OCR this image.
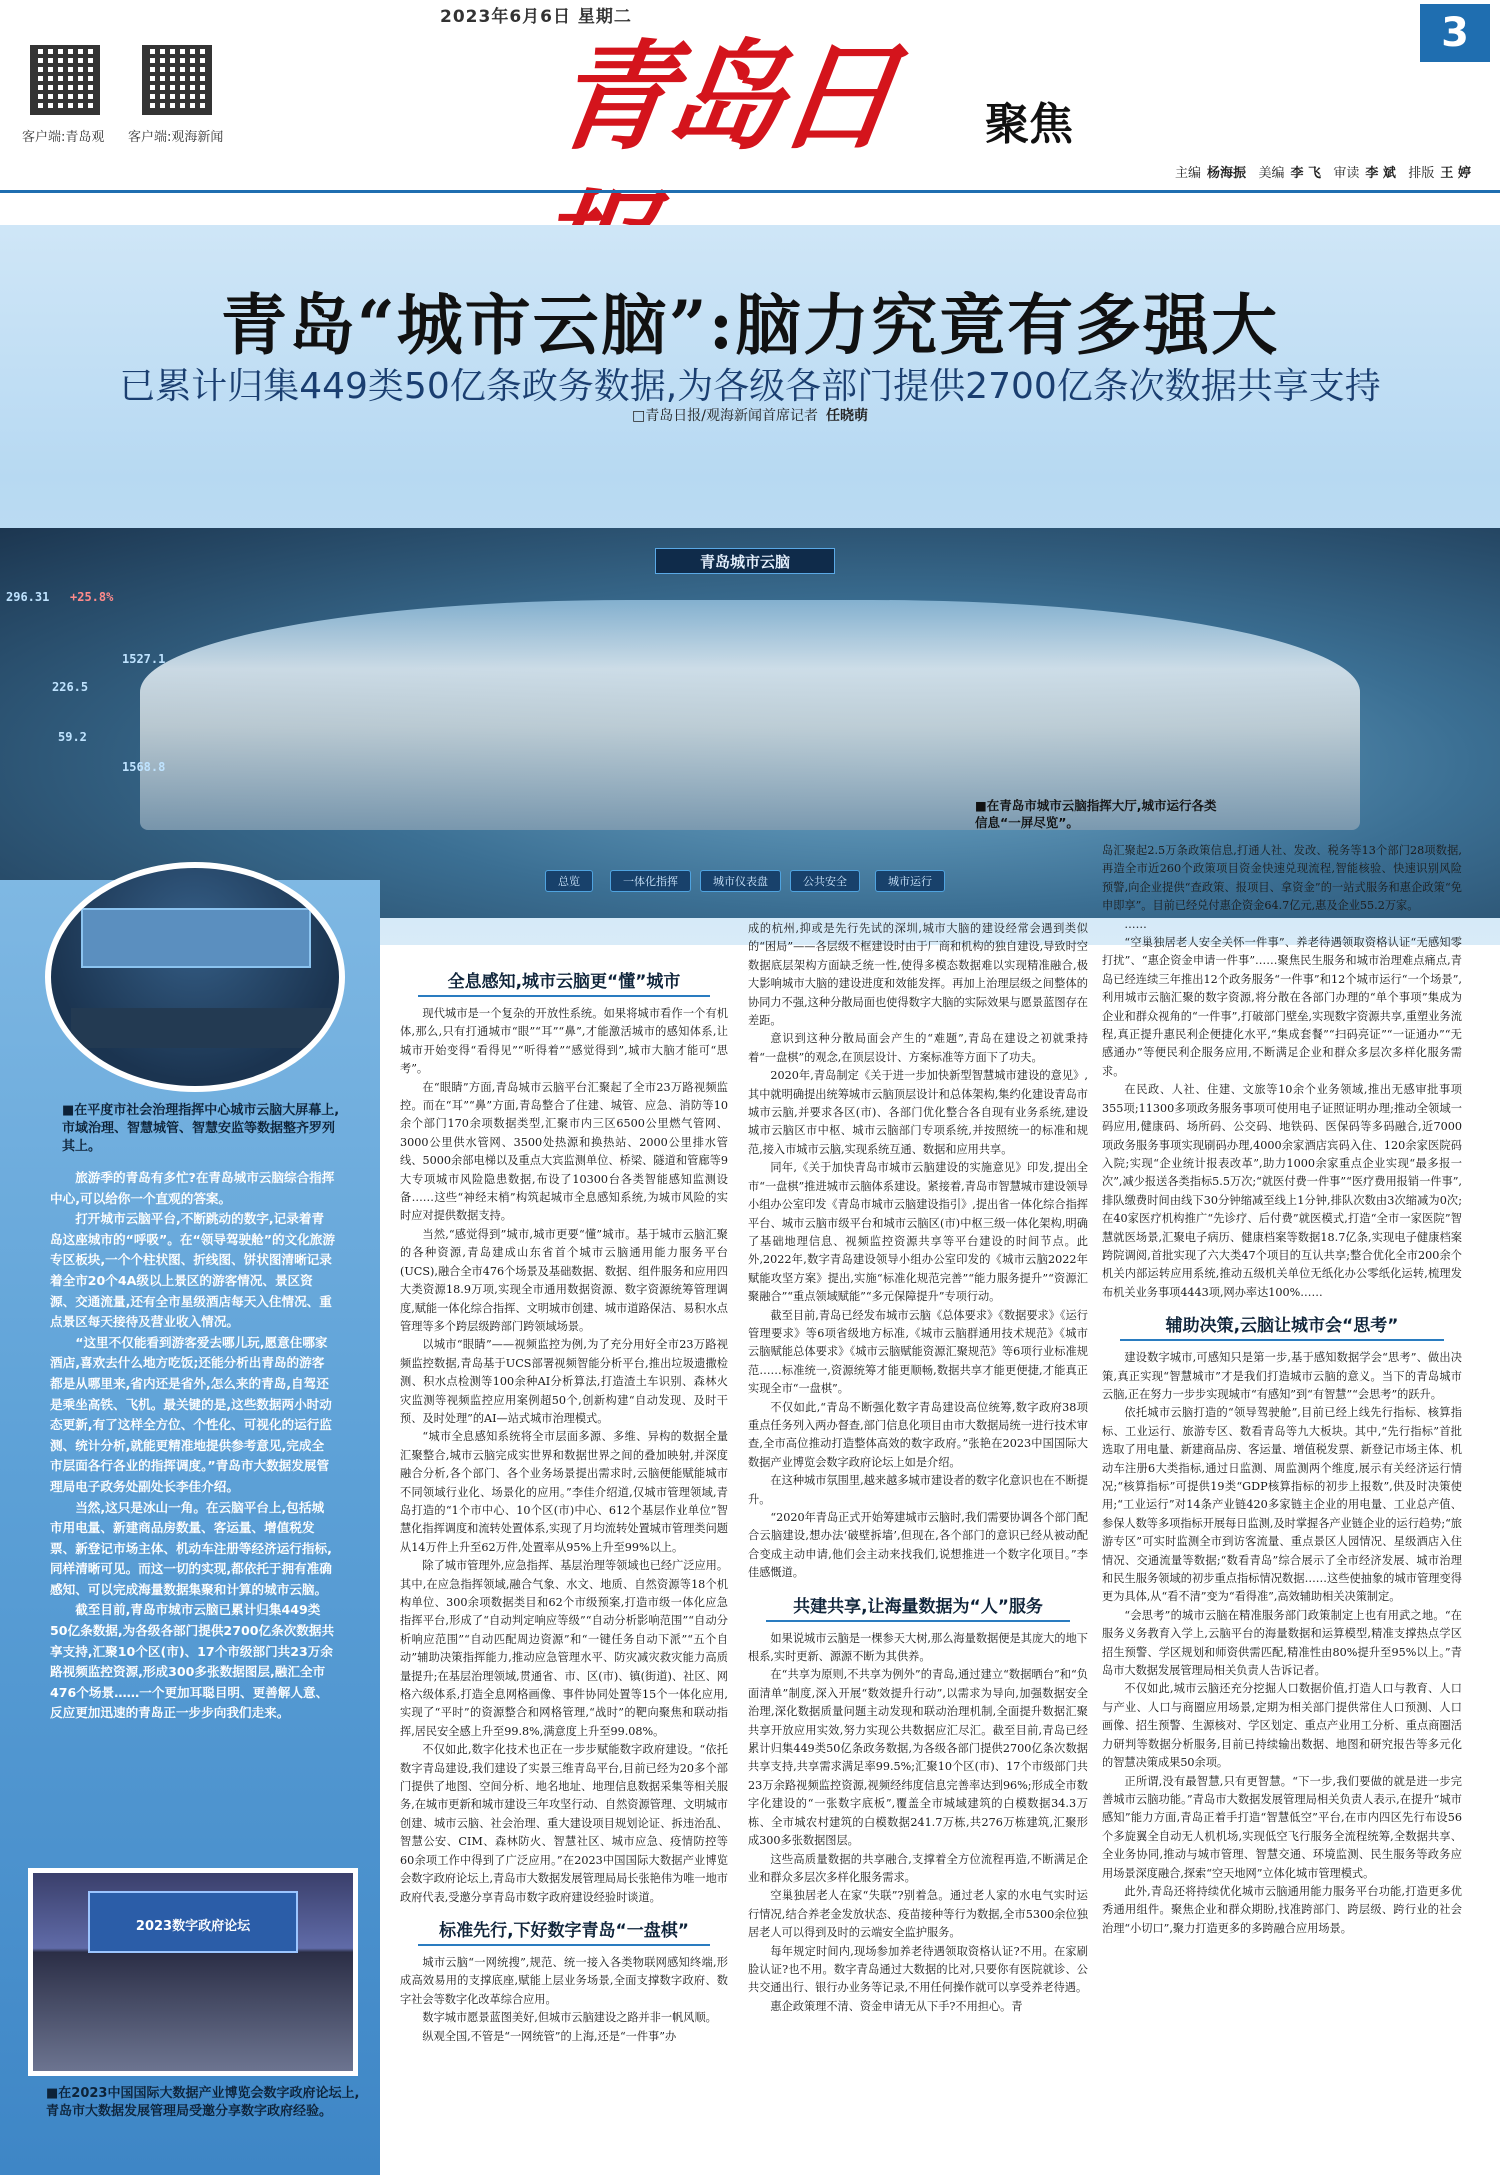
2023年6月6日 星期二
客户端:青岛观 客户端:观海新闻	青岛日报
聚焦
3
主编 杨海振 美编 李 飞 审读 李 斌 排版 王 婷
青岛“城市云脑”:脑力究竟有多强大
已累计归集449类50亿条政务数据,为各级各部门提供2700亿条次数据共享支持
□青岛日报/观海新闻首席记者 任晓萌
青岛城市云脑
296.31 +25.8%
1527.1
226.5
59.2
1568.8
总览	一体化指挥	城市仪表盘	公共安全	城市运行
■在青岛市城市云脑指挥大厅,城市运行各类信息“一屏尽览”。
■在平度市社会治理指挥中心城市云脑大屏幕上,市域治理、智慧城管、智慧安监等数据整齐罗列其上。

旅游季的青岛有多忙?在青岛城市云脑综合指挥中心,可以给你一个直观的答案。

打开城市云脑平台,不断跳动的数字,记录着青岛这座城市的“呼吸”。在“领导驾驶舱”的文化旅游专区板块,一个个柱状图、折线图、饼状图清晰记录着全市20个4A级以上景区的游客情况、景区资源、交通流量,还有全市星级酒店每天入住情况、重点景区每天接待及营业收入情况。

“这里不仅能看到游客爱去哪儿玩,愿意住哪家酒店,喜欢去什么地方吃饭;还能分析出青岛的游客都是从哪里来,省内还是省外,怎么来的青岛,自驾还是乘坐高铁、飞机。最关键的是,这些数据两小时动态更新,有了这样全方位、个性化、可视化的运行监测、统计分析,就能更精准地提供参考意见,完成全市层面各行各业的指挥调度。”青岛市大数据发展管理局电子政务处副处长李佳介绍。

当然,这只是冰山一角。在云脑平台上,包括城市用电量、新建商品房数量、客运量、增值税发票、新登记市场主体、机动车注册等经济运行指标,同样清晰可见。而这一切的实现,都依托于拥有准确感知、可以完成海量数据集聚和计算的城市云脑。

截至目前,青岛市城市云脑已累计归集449类50亿条数据,为各级各部门提供2700亿条次数据共享支持,汇聚10个区(市)、17个市级部门共23万余路视频监控资源,形成300多张数据图层,融汇全市476个场景……一个更加耳聪目明、更善解人意、反应更加迅速的青岛正一步步向我们走来。

2023数字政府论坛
■在2023中国国际大数据产业博览会数字政府论坛上,青岛市大数据发展管理局受邀分享数字政府经验。
全息感知,城市云脑更“懂”城市

现代城市是一个复杂的开放性系统。如果将城市看作一个有机体,那么,只有打通城市“眼”“耳”“鼻”,才能激活城市的感知体系,让城市开始变得“看得见”“听得着”“感觉得到”,城市大脑才能可“思考”。

在“眼睛”方面,青岛城市云脑平台汇聚起了全市23万路视频监控。而在“耳”“鼻”方面,青岛整合了住建、城管、应急、消防等10余个部门170余项数据类型,汇聚市内三区6500公里燃气管网、3000公里供水管网、3500处热源和换热站、2000公里排水管线、5000余部电梯以及重点大宾监测单位、桥梁、隧道和管廊等9大专项城市风险隐患数据,布设了10300台各类智能感知监测设备……这些“神经末梢”构筑起城市全息感知系统,为城市风险的实时应对提供数据支持。

当然,“感觉得到”城市,城市更要“懂”城市。基于城市云脑汇聚的各种资源,青岛建成山东省首个城市云脑通用能力服务平台(UCS),融合全市476个场景及基础数据、数据、组件服务和应用四大类资源18.9万项,实现全市通用数据资源、数字资源统筹管理调度,赋能一体化综合指挥、文明城市创建、城市道路保洁、易积水点管理等多个跨层级跨部门跨领域场景。

以城市“眼睛”——视频监控为例,为了充分用好全市23万路视频监控数据,青岛基于UCS部署视频智能分析平台,推出垃圾遗撒检测、积水点检测等100余种AI分析算法,打造渣土车识别、森林火灾监测等视频监控应用案例超50个,创新构建“自动发现、及时干预、及时处理”的AI—站式城市治理模式。

“城市全息感知系统将全市层面多源、多维、异构的数据全量汇聚整合,城市云脑完成实世界和数据世界之间的叠加映射,并深度融合分析,各个部门、各个业务场景提出需求时,云脑便能赋能城市不同领域行业化、场景化的应用。”李佳介绍道,仅城市管理领域,青岛打造的“1个市中心、10个区(市)中心、612个基层作业单位”智慧化指挥调度和流转处置体系,实现了月均流转处置城市管理类问题从14万件上升至62万件,处置率从95%上升至99%以上。

除了城市管理外,应急指挥、基层治理等领域也已经广泛应用。其中,在应急指挥领域,融合气象、水文、地质、自然资源等18个机构单位、300余项数据类目和62个市级预案,打造市级一体化应急指挥平台,形成了“自动判定响应等级”“自动分析影响范围”“自动分析响应范围”“自动匹配周边资源”和“一键任务自动下派”“五个自动”辅助决策指挥能力,推动应急管理水平、防灾减灾救灾能力高质量提升;在基层治理领域,贯通省、市、区(市)、镇(街道)、社区、网格六级体系,打造全息网格画像、事件协同处置等15个一体化应用,实现了“平时”的资源整合和网格管理,“战时”的靶向聚焦和联动指挥,居民安全感上升至99.8%,满意度上升至99.08%。

不仅如此,数字化技术也正在一步步赋能数字政府建设。“依托数字青岛建设,我们建设了实景三维青岛平台,目前已经为20多个部门提供了地图、空间分析、地名地址、地理信息数据采集等相关服务,在城市更新和城市建设三年攻坚行动、自然资源管理、文明城市创建、城市云脑、社会治理、重大建设项目规划论证、拆违治乱、智慧公安、CIM、森林防火、智慧社区、城市应急、疫情防控等60余项工作中得到了广泛应用。”在2023中国国际大数据产业博览会数字政府论坛上,青岛市大数据发展管理局局长张艳伟为唯一地市政府代表,受邀分享青岛市数字政府建设经验时谈道。

标准先行,下好数字青岛“一盘棋”

城市云脑“一网统搜”,规范、统一接入各类物联网感知终端,形成高效易用的支撑底座,赋能上层业务场景,全面支撑数字政府、数字社会等数字化改革综合应用。

数字城市愿景蓝图美好,但城市云脑建设之路并非一帆风顺。

纵观全国,不管是“一网统管”的上海,还是“一件事”办

成的杭州,抑或是先行先试的深圳,城市大脑的建设经常会遇到类似的“困局”——各层级不框建设时由于厂商和机构的独自建设,导致时空数据底层架构方面缺乏统一性,使得多模态数据难以实现精准融合,极大影响城市大脑的建设进度和效能发挥。再加上治理层级之间整体的协同力不强,这种分散局面也使得数字大脑的实际效果与愿景蓝图存在差距。

意识到这种分散局面会产生的“难题”,青岛在建设之初就秉持着“一盘棋”的观念,在顶层设计、方案标准等方面下了功夫。

2020年,青岛制定《关于进一步加快新型智慧城市建设的意见》,其中就明确提出统筹城市云脑顶层设计和总体架构,集约化建设青岛市城市云脑,并要求各区(市)、各部门优化整合各自现有业务系统,建设城市云脑区市中枢、城市云脑部门专项系统,并按照统一的标准和规范,接入市城市云脑,实现系统互通、数据和应用共享。

同年,《关于加快青岛市城市云脑建设的实施意见》印发,提出全市“一盘棋”推进城市云脑体系建设。紧接着,青岛市智慧城市建设领导小组办公室印发《青岛市城市云脑建设指引》,提出省一体化综合指挥平台、城市云脑市级平台和城市云脑区(市)中枢三级一体化架构,明确了基础地理信息、视频监控资源共享等平台建设的时间节点。此外,2022年,数字青岛建设领导小组办公室印发的《城市云脑2022年赋能攻坚方案》提出,实施“标准化规范完善”“能力服务提升”“资源汇聚融合”“重点领域赋能”“多元保障提升”专项行动。

截至目前,青岛已经发布城市云脑《总体要求》《数据要求》《运行管理要求》等6项省级地方标准,《城市云脑群通用技术规范》《城市云脑赋能总体要求》《城市云脑赋能资源汇聚规范》等6项行业标准规范……标准统一,资源统筹才能更顺畅,数据共享才能更便捷,才能真正实现全市“一盘棋”。

不仅如此,“青岛不断强化数字青岛建设高位统筹,数字政府38项重点任务列入两办督查,部门信息化项目由市大数据局统一进行技术审查,全市高位推动打造整体高效的数字政府。”张艳在2023中国国际大数据产业博览会数字政府论坛上如是介绍。

在这种城市氛围里,越来越多城市建设者的数字化意识也在不断提升。

“2020年青岛正式开始筹建城市云脑时,我们需要协调各个部门配合云脑建设,想办法‘破壁拆墙’,但现在,各个部门的意识已经从被动配合变成主动申请,他们会主动来找我们,说想推进一个数字化项目。”李佳感慨道。

共建共享,让海量数据为“人”服务

如果说城市云脑是一棵参天大树,那么海量数据便是其庞大的地下根系,实时更新、源源不断为其供养。

在“共享为原则,不共享为例外”的青岛,通过建立“数据晒台”和“负面清单”制度,深入开展“数效提升行动”,以需求为导向,加强数据安全治理,深化数据质量问题主动发现和联动治理机制,全面提升数据汇聚共享开放应用实效,努力实现公共数据应汇尽汇。截至目前,青岛已经累计归集449类50亿条政务数据,为各级各部门提供2700亿条次数据共享支持,共享需求满足率99.5%;汇聚10个区(市)、17个市级部门共23万余路视频监控资源,视频经纬度信息完善率达到96%;形成全市数字化建设的“一张数字底板”,覆盖全市城域建筑的白模数据34.3万栋、全市城农村建筑的白模数据241.7万栋,共276万栋建筑,汇聚形成300多张数据图层。

这些高质量数据的共享融合,支撑着全方位流程再造,不断满足企业和群众多层次多样化服务需求。

空巢独居老人在家“失联”?别着急。通过老人家的水电气实时运行情况,结合养老金发放状态、疫苗接种等行为数据,全市5300余位独居老人可以得到及时的云端安全监护服务。

每年规定时间内,现场参加养老待遇领取资格认证?不用。在家刷脸认证?也不用。数字青岛通过大数据的比对,只要你有医院就诊、公共交通出行、银行办业务等记录,不用任何操作就可以享受养老待遇。

惠企政策理不清、资金申请无从下手?不用担心。青

岛汇聚起2.5万条政策信息,打通人社、发改、税务等13个部门28项数据,再造全市近260个政策项目资金快速兑现流程,智能核验、快速识别风险预警,向企业提供“查政策、报项目、拿资金”的一站式服务和惠企政策“免申即享”。目前已经兑付惠企资金64.7亿元,惠及企业55.2万家。

……

“空巢独居老人安全关怀一件事”、养老待遇领取资格认证“无感知零打扰”、“惠企资金申请一件事”……聚焦民生服务和城市治理难点痛点,青岛已经连续三年推出12个政务服务“一件事”和12个城市运行“一个场景”,利用城市云脑汇聚的数字资源,将分散在各部门办理的“单个事项”集成为企业和群众视角的“一件事”,打破部门壁垒,实现数字资源共享,重塑业务流程,真正提升惠民利企便捷化水平,“集成套餐”“扫码亮证”“一证通办”“无感通办”等便民利企服务应用,不断满足企业和群众多层次多样化服务需求。

在民政、人社、住建、文旅等10余个业务领域,推出无感审批事项355项;11300多项政务服务事项可使用电子证照证明办理;推动全领域一码应用,健康码、场所码、公交码、地铁码、医保码等多码融合,近7000项政务服务事项实现刷码办理,4000余家酒店宾码入住、120余家医院码入院;实现“企业统计报表改革”,助力1000余家重点企业实现“最多报一次”,减少报送各类指标5.5万次;“就医付费一件事”“医疗费用报销一件事”,排队缴费时间由线下30分钟缩减至线上1分钟,排队次数由3次缩减为0次;在40家医疗机构推广“先诊疗、后付费”就医模式,打造“全市一家医院”智慧就医场景,汇聚电子病历、健康档案等数据18.7亿条,实现电子健康档案跨院调阅,首批实现了六大类47个项目的互认共享;整合优化全市200余个机关内部运转应用系统,推动五级机关单位无纸化办公零纸化运转,梳理发布机关业务事项4443项,网办率达100%……

辅助决策,云脑让城市会“思考”

建设数字城市,可感知只是第一步,基于感知数据学会“思考”、做出决策,真正实现“智慧城市”才是我们打造城市云脑的意义。当下的青岛城市云脑,正在努力一步步实现城市“有感知”到“有智慧”“会思考”的跃升。

依托城市云脑打造的“领导驾驶舱”,目前已经上线先行指标、核算指标、工业运行、旅游专区、数看青岛等九大板块。其中,“先行指标”首批选取了用电量、新建商品房、客运量、增值税发票、新登记市场主体、机动车注册6大类指标,通过日监测、周监测两个维度,展示有关经济运行情况;“核算指标”可提供19类“GDP核算指标的初步上报数”,供及时决策使用;“工业运行”对14条产业链420多家链主企业的用电量、工业总产值、参保人数等多项指标开展每日监测,及时掌握各产业链企业的运行趋势;“旅游专区”可实时监测全市到访客流量、重点景区人园情况、星级酒店入住情况、交通流量等数据;“数看青岛”综合展示了全市经济发展、城市治理和民生服务领域的初步重点指标情况数据……这些使抽象的城市管理变得更为具体,从“看不清”变为“看得准”,高效辅助相关决策制定。

“会思考”的城市云脑在精准服务部门政策制定上也有用武之地。“在服务义务教育入学上,云脑平台的海量数据和运算模型,精准支撑热点学区招生预警、学区规划和师资供需匹配,精准性由80%提升至95%以上。”青岛市大数据发展管理局相关负责人告诉记者。

不仅如此,城市云脑还充分挖掘人口数据价值,打造人口与教育、人口与产业、人口与商圈应用场景,定期为相关部门提供常住人口预测、人口画像、招生预警、生源核对、学区划定、重点产业用工分析、重点商圈活力研判等数据分析服务,目前已持续输出数据、地图和研究报告等多元化的智慧决策成果50余项。

正所谓,没有最智慧,只有更智慧。“下一步,我们要做的就是进一步完善城市云脑功能。”青岛市大数据发展管理局相关负责人表示,在提升“城市感知”能力方面,青岛正着手打造“智慧低空”平台,在市内四区先行布设56个多旋翼全自动无人机机场,实现低空飞行服务全流程统筹,全数据共享、全业务协同,推动与城市管理、智慧交通、环境监测、民生服务等政务应用场景深度融合,探索“空天地网”立体化城市管理模式。

此外,青岛还将持续优化城市云脑通用能力服务平台功能,打造更多优秀通用组件。聚焦企业和群众期盼,找准跨部门、跨层级、跨行业的社会治理“小切口”,聚力打造更多的多跨融合应用场景。
